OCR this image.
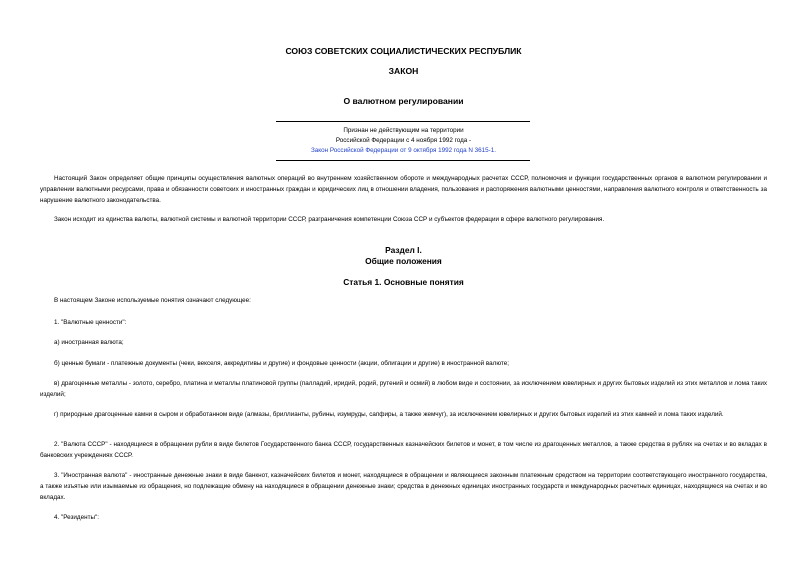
СОЮЗ СОВЕТСКИХ СОЦИАЛИСТИЧЕСКИХ РЕСПУБЛИК
ЗАКОН
О валютном регулировании
Признан не действующим на территории
Российской Федерации с 4 ноября 1992 года -
Закон Российской Федерации от 9 октября 1992 года N 3615-1.
Настоящий Закон определяет общие принципы осуществления валютных операций во внутреннем хозяйственном обороте и международных расчетах СССР, полномочия и функции государственных органов в валютном регулировании и управлении валютными ресурсами, права и обязанности советских и иностранных граждан и юридических лиц в отношении владения, пользования и распоряжения валютными ценностями, направления валютного контроля и ответственность за нарушение валютного законодательства.
Закон исходит из единства валюты, валютной системы и валютной территории СССР, разграничения компетенции Союза ССР и субъектов федерации в сфере валютного регулирования.
Раздел I.
Общие положения
Статья 1. Основные понятия
В настоящем Законе используемые понятия означают следующее:
1. "Валютные ценности":
а) иностранная валюта;
б) ценные бумаги - платежные документы (чеки, векселя, аккредитивы и другие) и фондовые ценности (акции, облигации и другие) в иностранной валюте;
в) драгоценные металлы - золото, серебро, платина и металлы платиновой группы (палладий, иридий, родий, рутений и осмий) в любом виде и состоянии, за исключением ювелирных и других бытовых изделий из этих металлов и лома таких изделий;
г) природные драгоценные камни в сыром и обработанном виде (алмазы, бриллианты, рубины, изумруды, сапфиры, а также жемчуг), за исключением ювелирных и других бытовых изделий из этих камней и лома таких изделий.
2. "Валюта СССР" - находящиеся в обращении рубли в виде билетов Государственного банка СССР, государственных казначейских билетов и монет, в том числе из драгоценных металлов, а также средства в рублях на счетах и во вкладах в банковских учреждениях СССР.
3. "Иностранная валюта" - иностранные денежные знаки в виде банкнот, казначейских билетов и монет, находящиеся в обращении и являющиеся законным платежным средством на территории соответствующего иностранного государства, а также изъятые или изымаемые из обращения, но подлежащие обмену на находящиеся в обращении денежные знаки; средства в денежных единицах иностранных государств и международных расчетных единицах, находящиеся на счетах и во вкладах.
4. "Резиденты":
